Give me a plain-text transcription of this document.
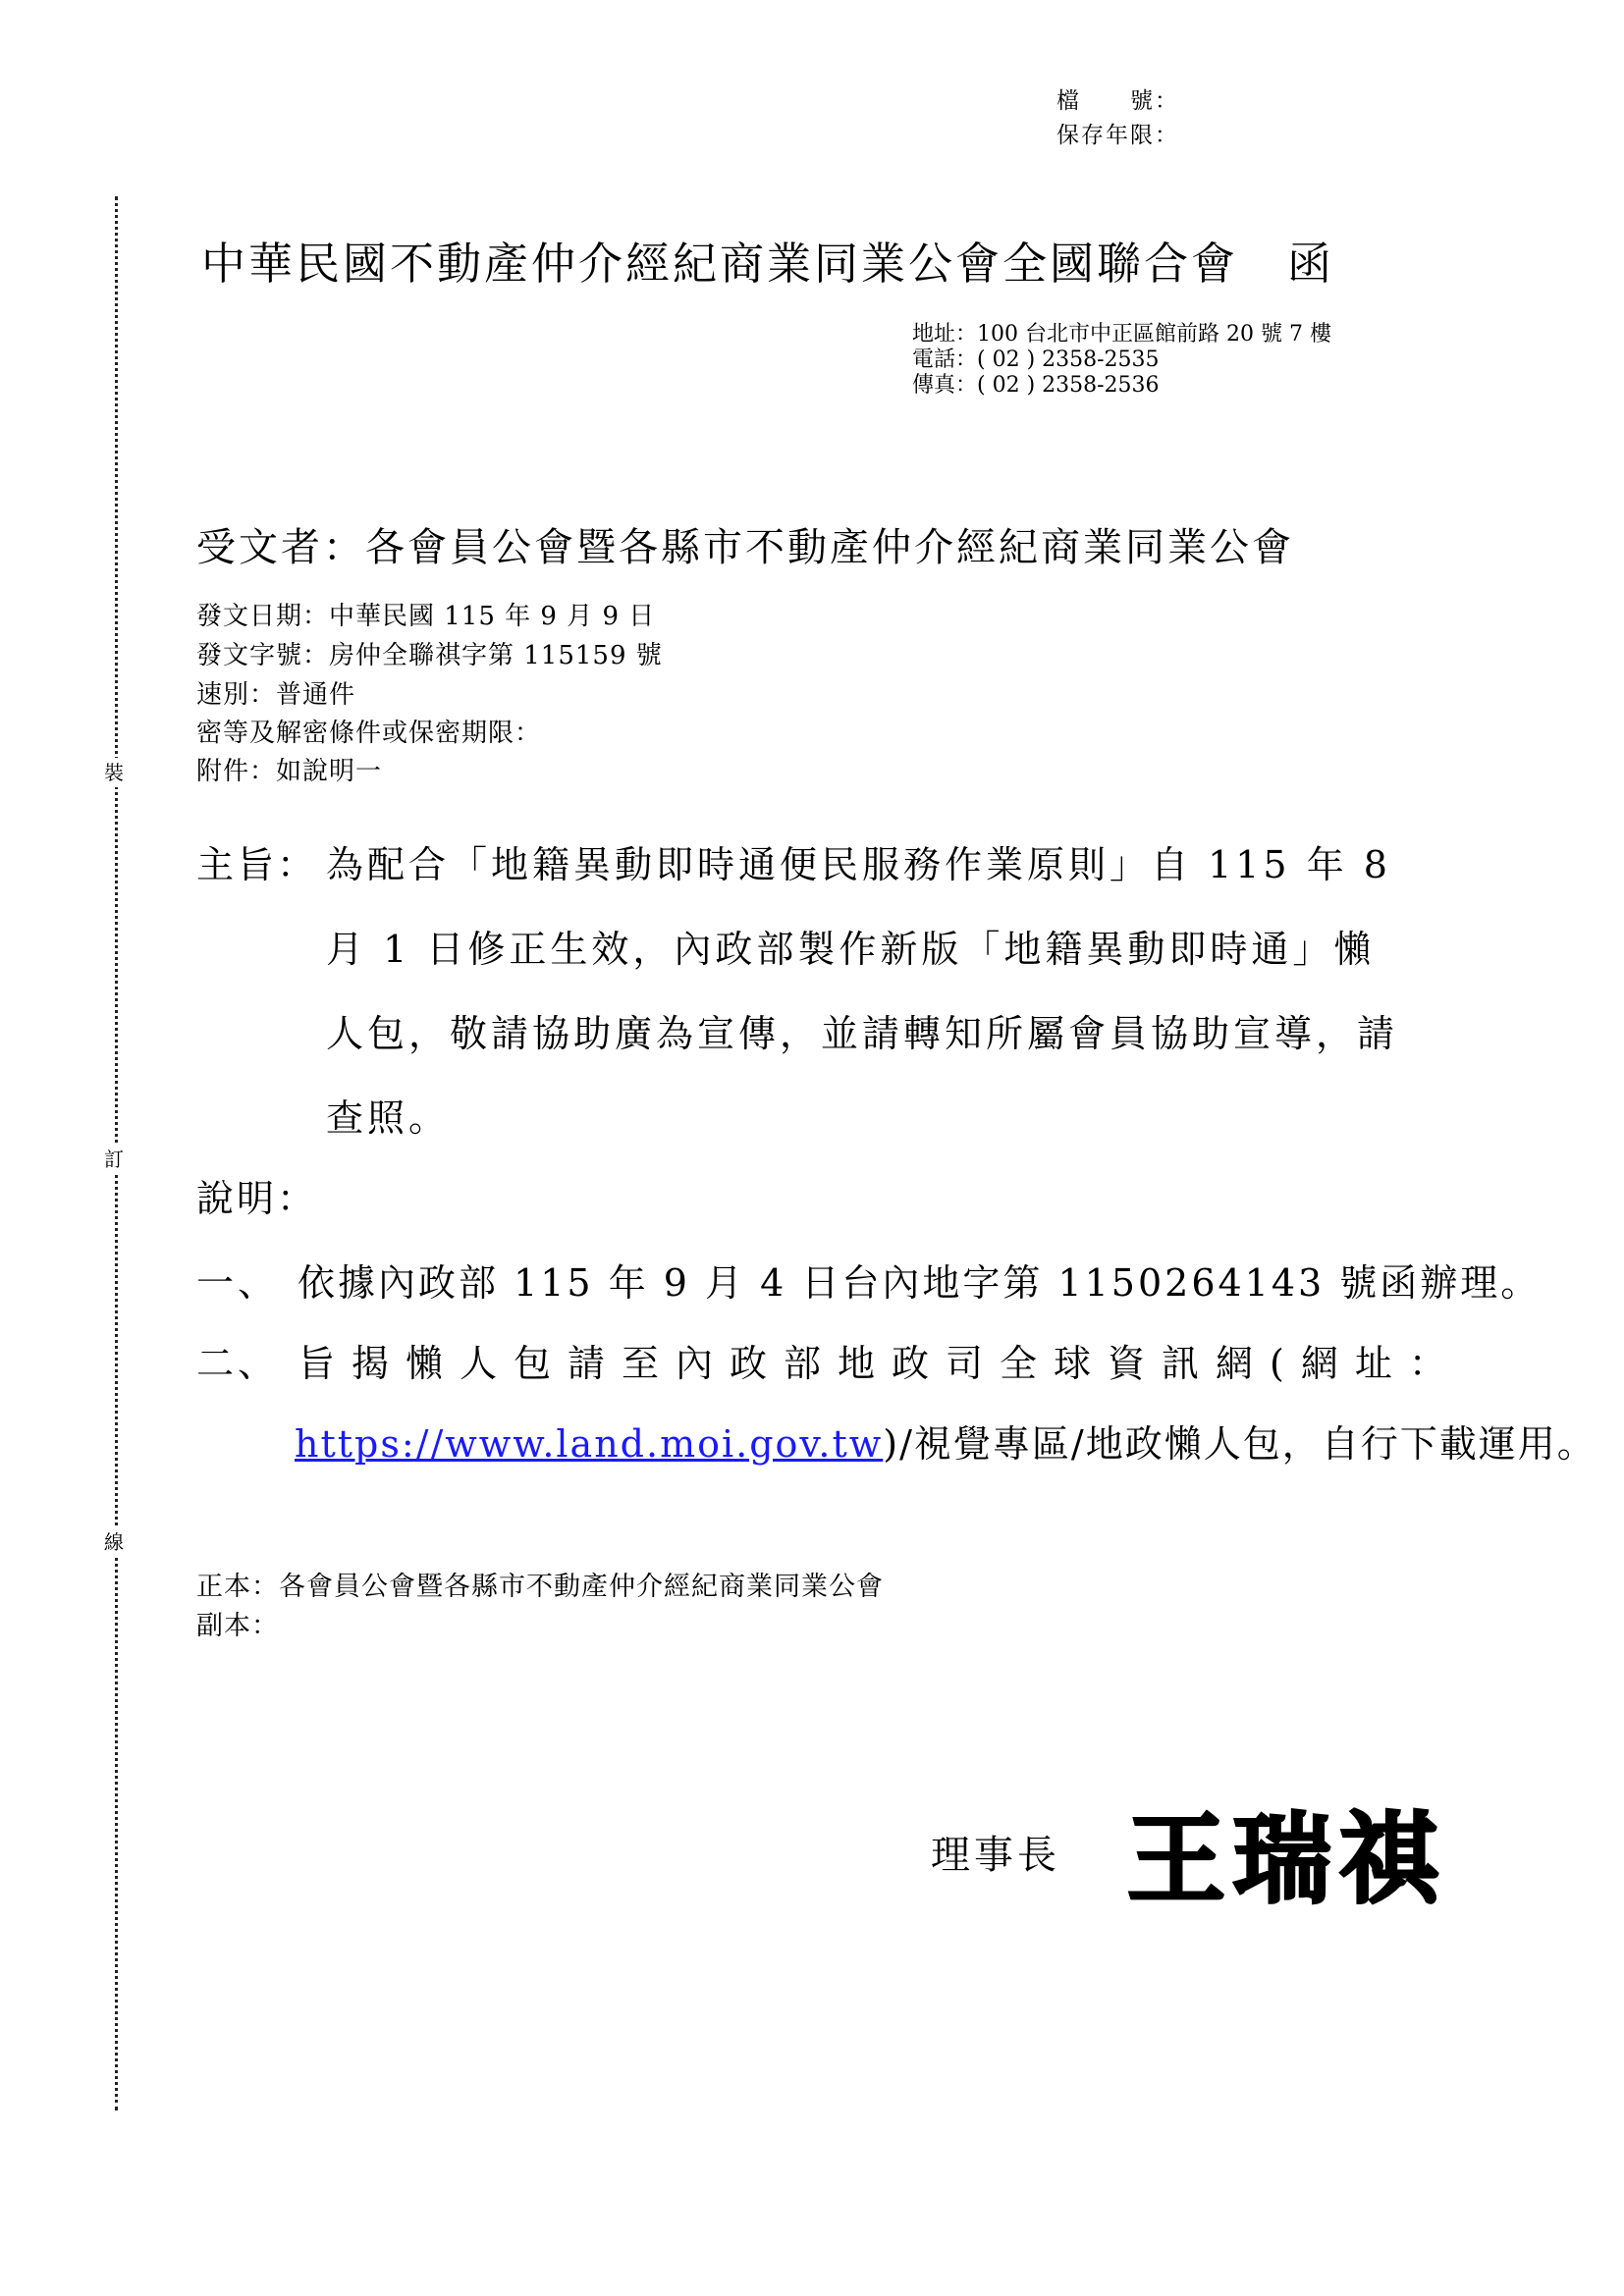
檔　　號：
保存年限：
裝
訂
線
中華民國不動產仲介經紀商業同業公會全國聯合會 函
地址：100 台北市中正區館前路 20 號 7 樓
電話：( 02 ) 2358-2535
傳真：( 02 ) 2358-2536
受文者：各會員公會暨各縣市不動產仲介經紀商業同業公會
發文日期：中華民國 115 年 9 月 9 日
發文字號：房仲全聯祺字第 115159 號
速別：普通件
密等及解密條件或保密期限：
附件：如說明一
主旨： 為配合「地籍異動即時通便民服務作業原則」自 115 年 8
月 1 日修正生效，內政部製作新版「地籍異動即時通」懶
人包，敬請協助廣為宣傳，並請轉知所屬會員協助宣導，請
查照。
說明：
一、 依據內政部 115 年 9 月 4 日台內地字第 1150264143 號函辦理。
二、 旨揭懶人包請至內政部地政司全球資訊網(網址：
https://www.land.moi.gov.tw)/視覺專區/地政懶人包，自行下載運用。
正本：各會員公會暨各縣市不動產仲介經紀商業同業公會
副本：
理事長 王瑞祺
